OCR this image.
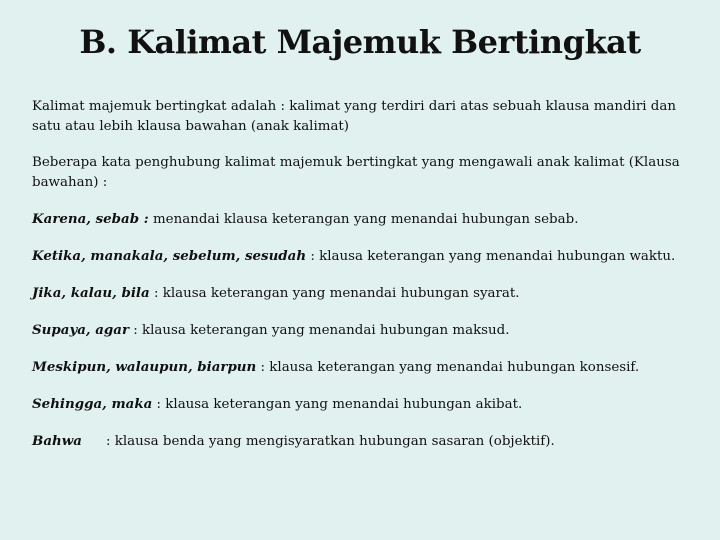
B. Kalimat Majemuk Bertingkat

Kalimat majemuk bertingkat adalah : kalimat yang terdiri dari atas sebuah klausa mandiri dan satu atau lebih klausa bawahan (anak kalimat)

Beberapa kata penghubung kalimat majemuk bertingkat yang mengawali anak kalimat (Klausa bawahan) :

Karena, sebab : menandai klausa keterangan yang menandai hubungan sebab.
Ketika, manakala, sebelum, sesudah : klausa keterangan yang menandai hubungan waktu.
Jika, kalau, bila : klausa keterangan yang menandai hubungan syarat.
Supaya, agar : klausa keterangan yang menandai hubungan maksud.
Meskipun, walaupun, biarpun : klausa keterangan yang menandai hubungan konsesif.
Sehingga, maka : klausa keterangan yang menandai hubungan akibat.
Bahwa : klausa benda yang mengisyaratkan hubungan sasaran (objektif).
